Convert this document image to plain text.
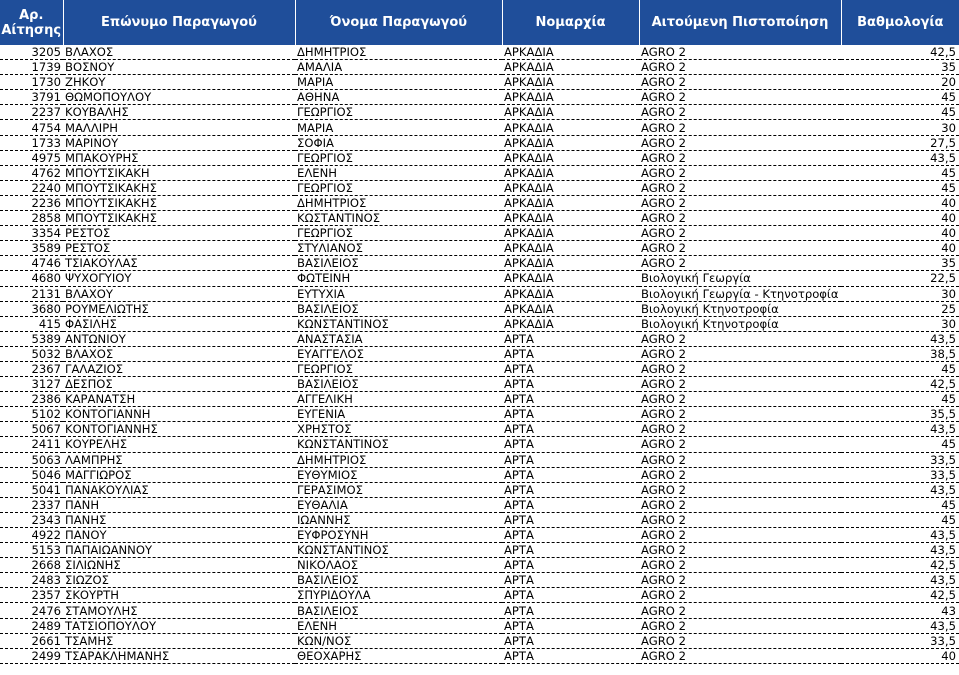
Αρ. Αίτησης	Επώνυμο Παραγωγού	Όνομα Παραγωγού	Νομαρχία	Αιτούμενη Πιστοποίηση	Βαθμολογία
3205	ΒΛΑΧΟΣ	ΔΗΜΗΤΡΙΟΣ	ΑΡΚΑΔΙΑ	AGRO 2	42,5
1739	ΒΟΣΝΟΥ	ΑΜΑΛΙΑ	ΑΡΚΑΔΙΑ	AGRO 2	35
1730	ΖΗΚΟΥ	ΜΑΡΙΑ	ΑΡΚΑΔΙΑ	AGRO 2	20
3791	ΘΩΜΟΠΟΥΛΟΥ	ΑΘΗΝΑ	ΑΡΚΑΔΙΑ	AGRO 2	45
2237	ΚΟΥΒΑΛΗΣ	ΓΕΩΡΓΙΟΣ	ΑΡΚΑΔΙΑ	AGRO 2	45
4754	ΜΑΛΛΙΡΗ	ΜΑΡΙΑ	ΑΡΚΑΔΙΑ	AGRO 2	30
1733	ΜΑΡΙΝΟΥ	ΣΟΦΙΑ	ΑΡΚΑΔΙΑ	AGRO 2	27,5
4975	ΜΠΑΚΟΥΡΗΣ	ΓΕΩΡΓΙΟΣ	ΑΡΚΑΔΙΑ	AGRO 2	43,5
4762	ΜΠΟΥΤΣΙΚΑΚΗ	ΕΛΕΝΗ	ΑΡΚΑΔΙΑ	AGRO 2	45
2240	ΜΠΟΥΤΣΙΚΑΚΗΣ	ΓΕΩΡΓΙΟΣ	ΑΡΚΑΔΙΑ	AGRO 2	45
2236	ΜΠΟΥΤΣΙΚΑΚΗΣ	ΔΗΜΗΤΡΙΟΣ	ΑΡΚΑΔΙΑ	AGRO 2	40
2858	ΜΠΟΥΤΣΙΚΑΚΗΣ	ΚΩΣΤΑΝΤΙΝΟΣ	ΑΡΚΑΔΙΑ	AGRO 2	40
3354	ΡΕΣΤΟΣ	ΓΕΩΡΓΙΟΣ	ΑΡΚΑΔΙΑ	AGRO 2	40
3589	ΡΕΣΤΟΣ	ΣΤΥΛΙΑΝΟΣ	ΑΡΚΑΔΙΑ	AGRO 2	40
4746	ΤΣΙΑΚΟΥΛΑΣ	ΒΑΣΙΛΕΙΟΣ	ΑΡΚΑΔΙΑ	AGRO 2	35
4680	ΨΥΧΟΓΥΙΟΥ	ΦΩΤΕΙΝΗ	ΑΡΚΑΔΙΑ	Βιολογική Γεωργία	22,5
2131	ΒΛΑΧΟΥ	ΕΥΤΥΧΙΑ	ΑΡΚΑΔΙΑ	Βιολογική Γεωργία - Κτηνοτροφία	30
3680	ΡΟΥΜΕΛΙΩΤΗΣ	ΒΑΣΙΛΕΙΟΣ	ΑΡΚΑΔΙΑ	Βιολογική Κτηνοτροφία	25
415	ΦΑΣΙΛΗΣ	ΚΩΝΣΤΑΝΤΙΝΟΣ	ΑΡΚΑΔΙΑ	Βιολογική Κτηνοτροφία	30
5389	ΑΝΤΩΝΙΟΥ	ΑΝΑΣΤΑΣΙΑ	ΑΡΤΑ	AGRO 2	43,5
5032	ΒΛΑΧΟΣ	ΕΥΑΓΓΕΛΟΣ	ΑΡΤΑ	AGRO 2	38,5
2367	ΓΑΛΑΖΙΟΣ	ΓΕΩΡΓΙΟΣ	ΑΡΤΑ	AGRO 2	45
3127	ΔΕΣΠΟΣ	ΒΑΣΙΛΕΙΟΣ	ΑΡΤΑ	AGRO 2	42,5
2386	ΚΑΡΑΝΑΤΣΗ	ΑΓΓΕΛΙΚΗ	ΑΡΤΑ	AGRO 2	45
5102	ΚΟΝΤΟΓΙΑΝΝΗ	ΕΥΓΕΝΙΑ	ΑΡΤΑ	AGRO 2	35,5
5067	ΚΟΝΤΟΓΙΑΝΝΗΣ	ΧΡΗΣΤΟΣ	ΑΡΤΑ	AGRO 2	43,5
2411	ΚΟΥΡΕΛΗΣ	ΚΩΝΣΤΑΝΤΙΝΟΣ	ΑΡΤΑ	AGRO 2	45
5063	ΛΑΜΠΡΗΣ	ΔΗΜΗΤΡΙΟΣ	ΑΡΤΑ	AGRO 2	33,5
5046	ΜΑΓΓΙΩΡΟΣ	ΕΥΘΥΜΙΟΣ	ΑΡΤΑ	AGRO 2	33,5
5041	ΠΑΝΑΚΟΥΛΙΑΣ	ΓΕΡΑΣΙΜΟΣ	ΑΡΤΑ	AGRO 2	43,5
2337	ΠΑΝΗ	ΕΥΘΑΛΙΑ	ΑΡΤΑ	AGRO 2	45
2343	ΠΑΝΗΣ	ΙΩΑΝΝΗΣ	ΑΡΤΑ	AGRO 2	45
4922	ΠΑΝΟΥ	ΕΥΦΡΟΣΥΝΗ	ΑΡΤΑ	AGRO 2	43,5
5153	ΠΑΠΑΙΩΑΝΝΟΥ	ΚΩΝΣΤΑΝΤΙΝΟΣ	ΑΡΤΑ	AGRO 2	43,5
2668	ΣΙΛΙΩΝΗΣ	ΝΙΚΟΛΑΟΣ	ΑΡΤΑ	AGRO 2	42,5
2483	ΣΙΩΖΟΣ	ΒΑΣΙΛΕΙΟΣ	ΑΡΤΑ	AGRO 2	43,5
2357	ΣΚΟΥΡΤΗ	ΣΠΥΡΙΔΟΥΛΑ	ΑΡΤΑ	AGRO 2	42,5
2476	ΣΤΑΜΟΥΛΗΣ	ΒΑΣΙΛΕΙΟΣ	ΑΡΤΑ	AGRO 2	43
2489	ΤΑΤΣΙΟΠΟΥΛΟΥ	ΕΛΕΝΗ	ΑΡΤΑ	AGRO 2	43,5
2661	ΤΣΑΜΗΣ	ΚΩΝ/ΝΟΣ	ΑΡΤΑ	AGRO 2	33,5
2499	ΤΣΑΡΑΚΛΗΜΑΝΗΣ	ΘΕΟΧΑΡΗΣ	ΑΡΤΑ	AGRO 2	40
